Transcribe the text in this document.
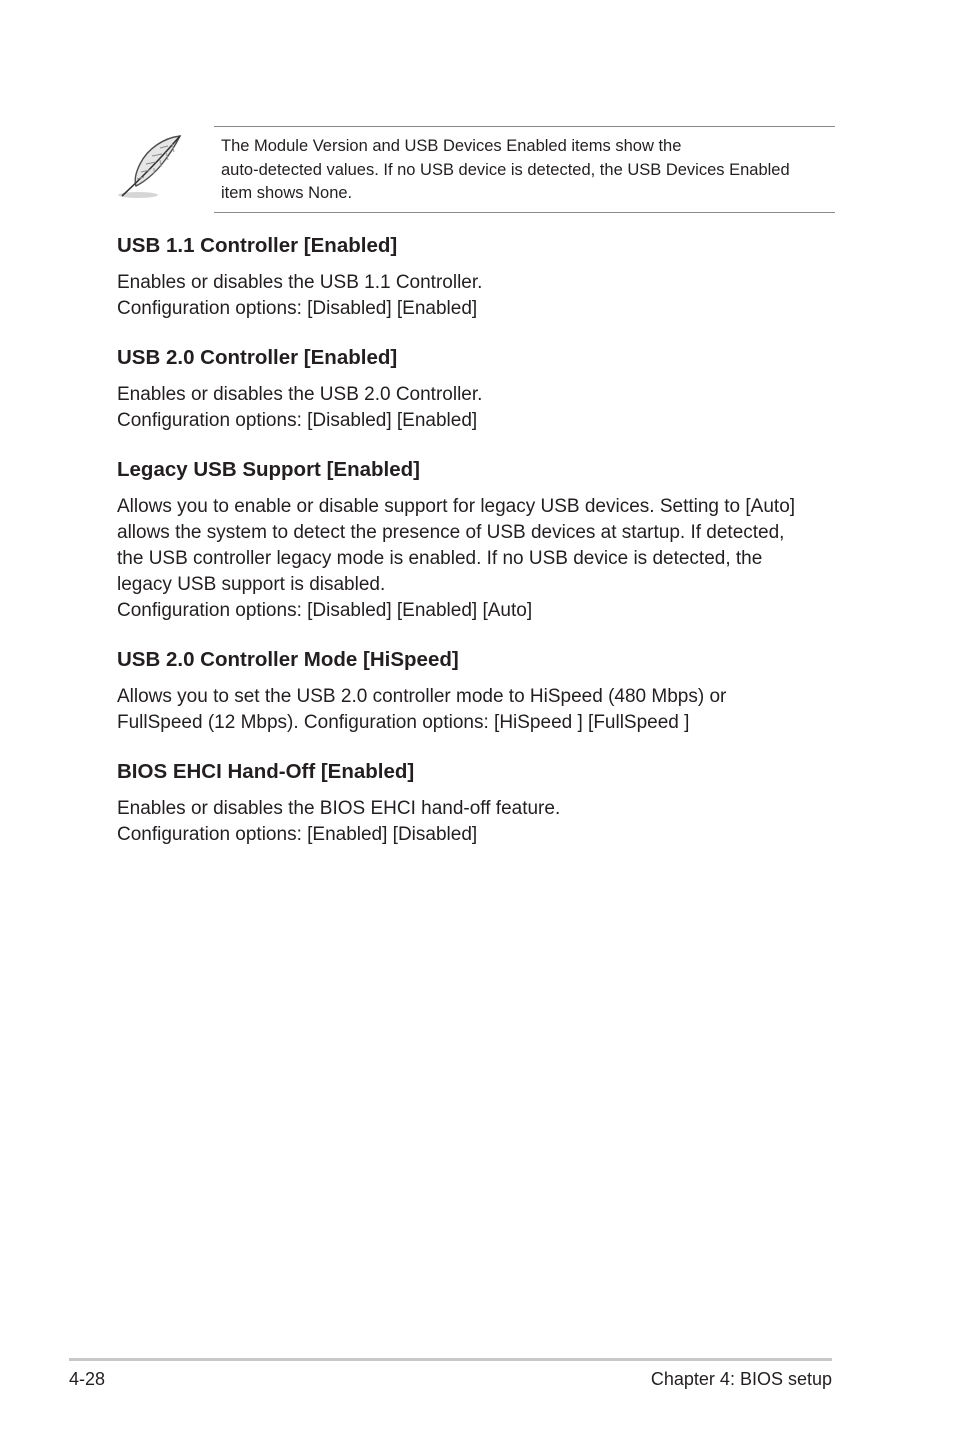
The Module Version and USB Devices Enabled items show the
auto-detected values. If no USB device is detected, the USB Devices Enabled
item shows None.
USB 1.1 Controller [Enabled]

Enables or disables the USB 1.1 Controller.
Configuration options: [Disabled] [Enabled]

USB 2.0 Controller [Enabled]

Enables or disables the USB 2.0 Controller.
Configuration options: [Disabled] [Enabled]

Legacy USB Support [Enabled]

Allows you to enable or disable support for legacy USB devices. Setting to [Auto]
allows the system to detect the presence of USB devices at startup. If detected,
the USB controller legacy mode is enabled. If no USB device is detected, the
legacy USB support is disabled.
Configuration options: [Disabled] [Enabled] [Auto]

USB 2.0 Controller Mode [HiSpeed]

Allows you to set the USB 2.0 controller mode to HiSpeed (480 Mbps) or
FullSpeed (12 Mbps). Configuration options: [HiSpeed ] [FullSpeed ]

BIOS EHCI Hand-Off [Enabled]

Enables or disables the BIOS EHCI hand-off feature.
Configuration options: [Enabled] [Disabled]

4-28	Chapter 4: BIOS setup
